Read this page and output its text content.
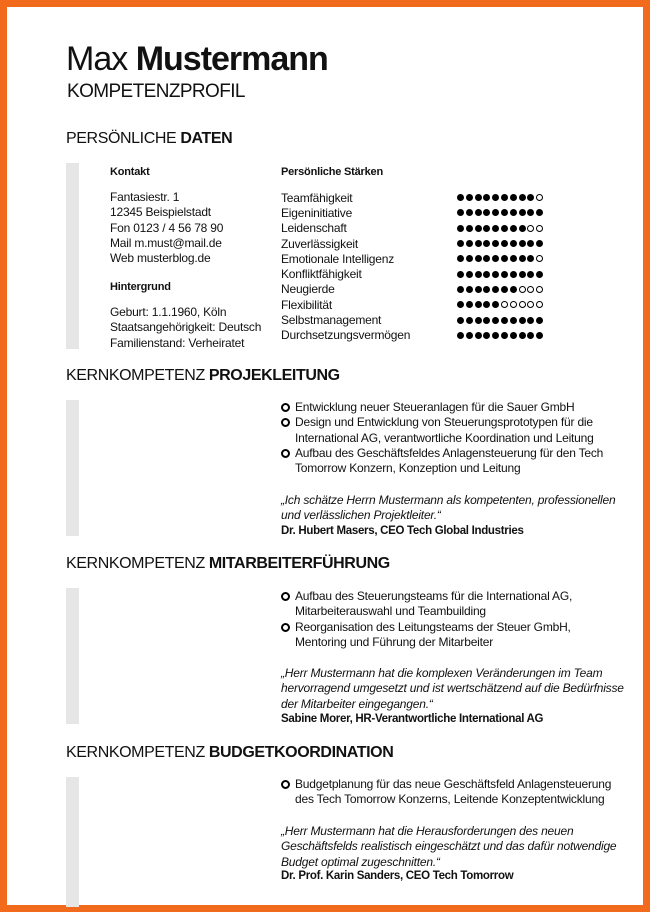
Max Mustermann
KOMPETENZPROFIL
PERSÖNLICHE DATEN
Kontakt
Fantasiestr. 1
12345 Beispielstadt
Fon 0123 / 4 56 78 90
Mail m.must@mail.de
Web musterblog.de
Hintergrund
Geburt: 1.1.1960, Köln
Staatsangehörigkeit: Deutsch
Familienstand: Verheiratet
Persönliche Stärken
Teamfähigkeit
Eigeninitiative
Leidenschaft
Zuverlässigkeit
Emotionale Intelligenz
Konfliktfähigkeit
Neugierde
Flexibilität
Selbstmanagement
Durchsetzungsvermögen
KERNKOMPETENZ PROJEKLEITUNG
Entwicklung neuer Steueranlagen für die Sauer GmbH
Design und Entwicklung von Steuerungsprototypen für die International AG, verantwortliche Koordination und Leitung
Aufbau des Geschäftsfeldes Anlagensteuerung für den Tech Tomorrow Konzern, Konzeption und Leitung
„Ich schätze Herrn Mustermann als kompetenten, professionellen und verlässlichen Projektleiter.“
Dr. Hubert Masers, CEO Tech Global Industries
KERNKOMPETENZ MITARBEITERFÜHRUNG
Aufbau des Steuerungsteams für die International AG, Mitarbeiterauswahl und Teambuilding
Reorganisation des Leitungsteams der Steuer GmbH, Mentoring und Führung der Mitarbeiter
„Herr Mustermann hat die komplexen Veränderungen im Team hervorragend umgesetzt und ist wertschätzend auf die Bedürfnisse der Mitarbeiter eingegangen.“
Sabine Morer, HR-Verantwortliche International AG
KERNKOMPETENZ BUDGETKOORDINATION
Budgetplanung für das neue Geschäftsfeld Anlagensteuerung des Tech Tomorrow Konzerns, Leitende Konzeptentwicklung
„Herr Mustermann hat die Herausforderungen des neuen Geschäftsfelds realistisch eingeschätzt und das dafür notwendige Budget optimal zugeschnitten.“
Dr. Prof. Karin Sanders, CEO Tech Tomorrow
